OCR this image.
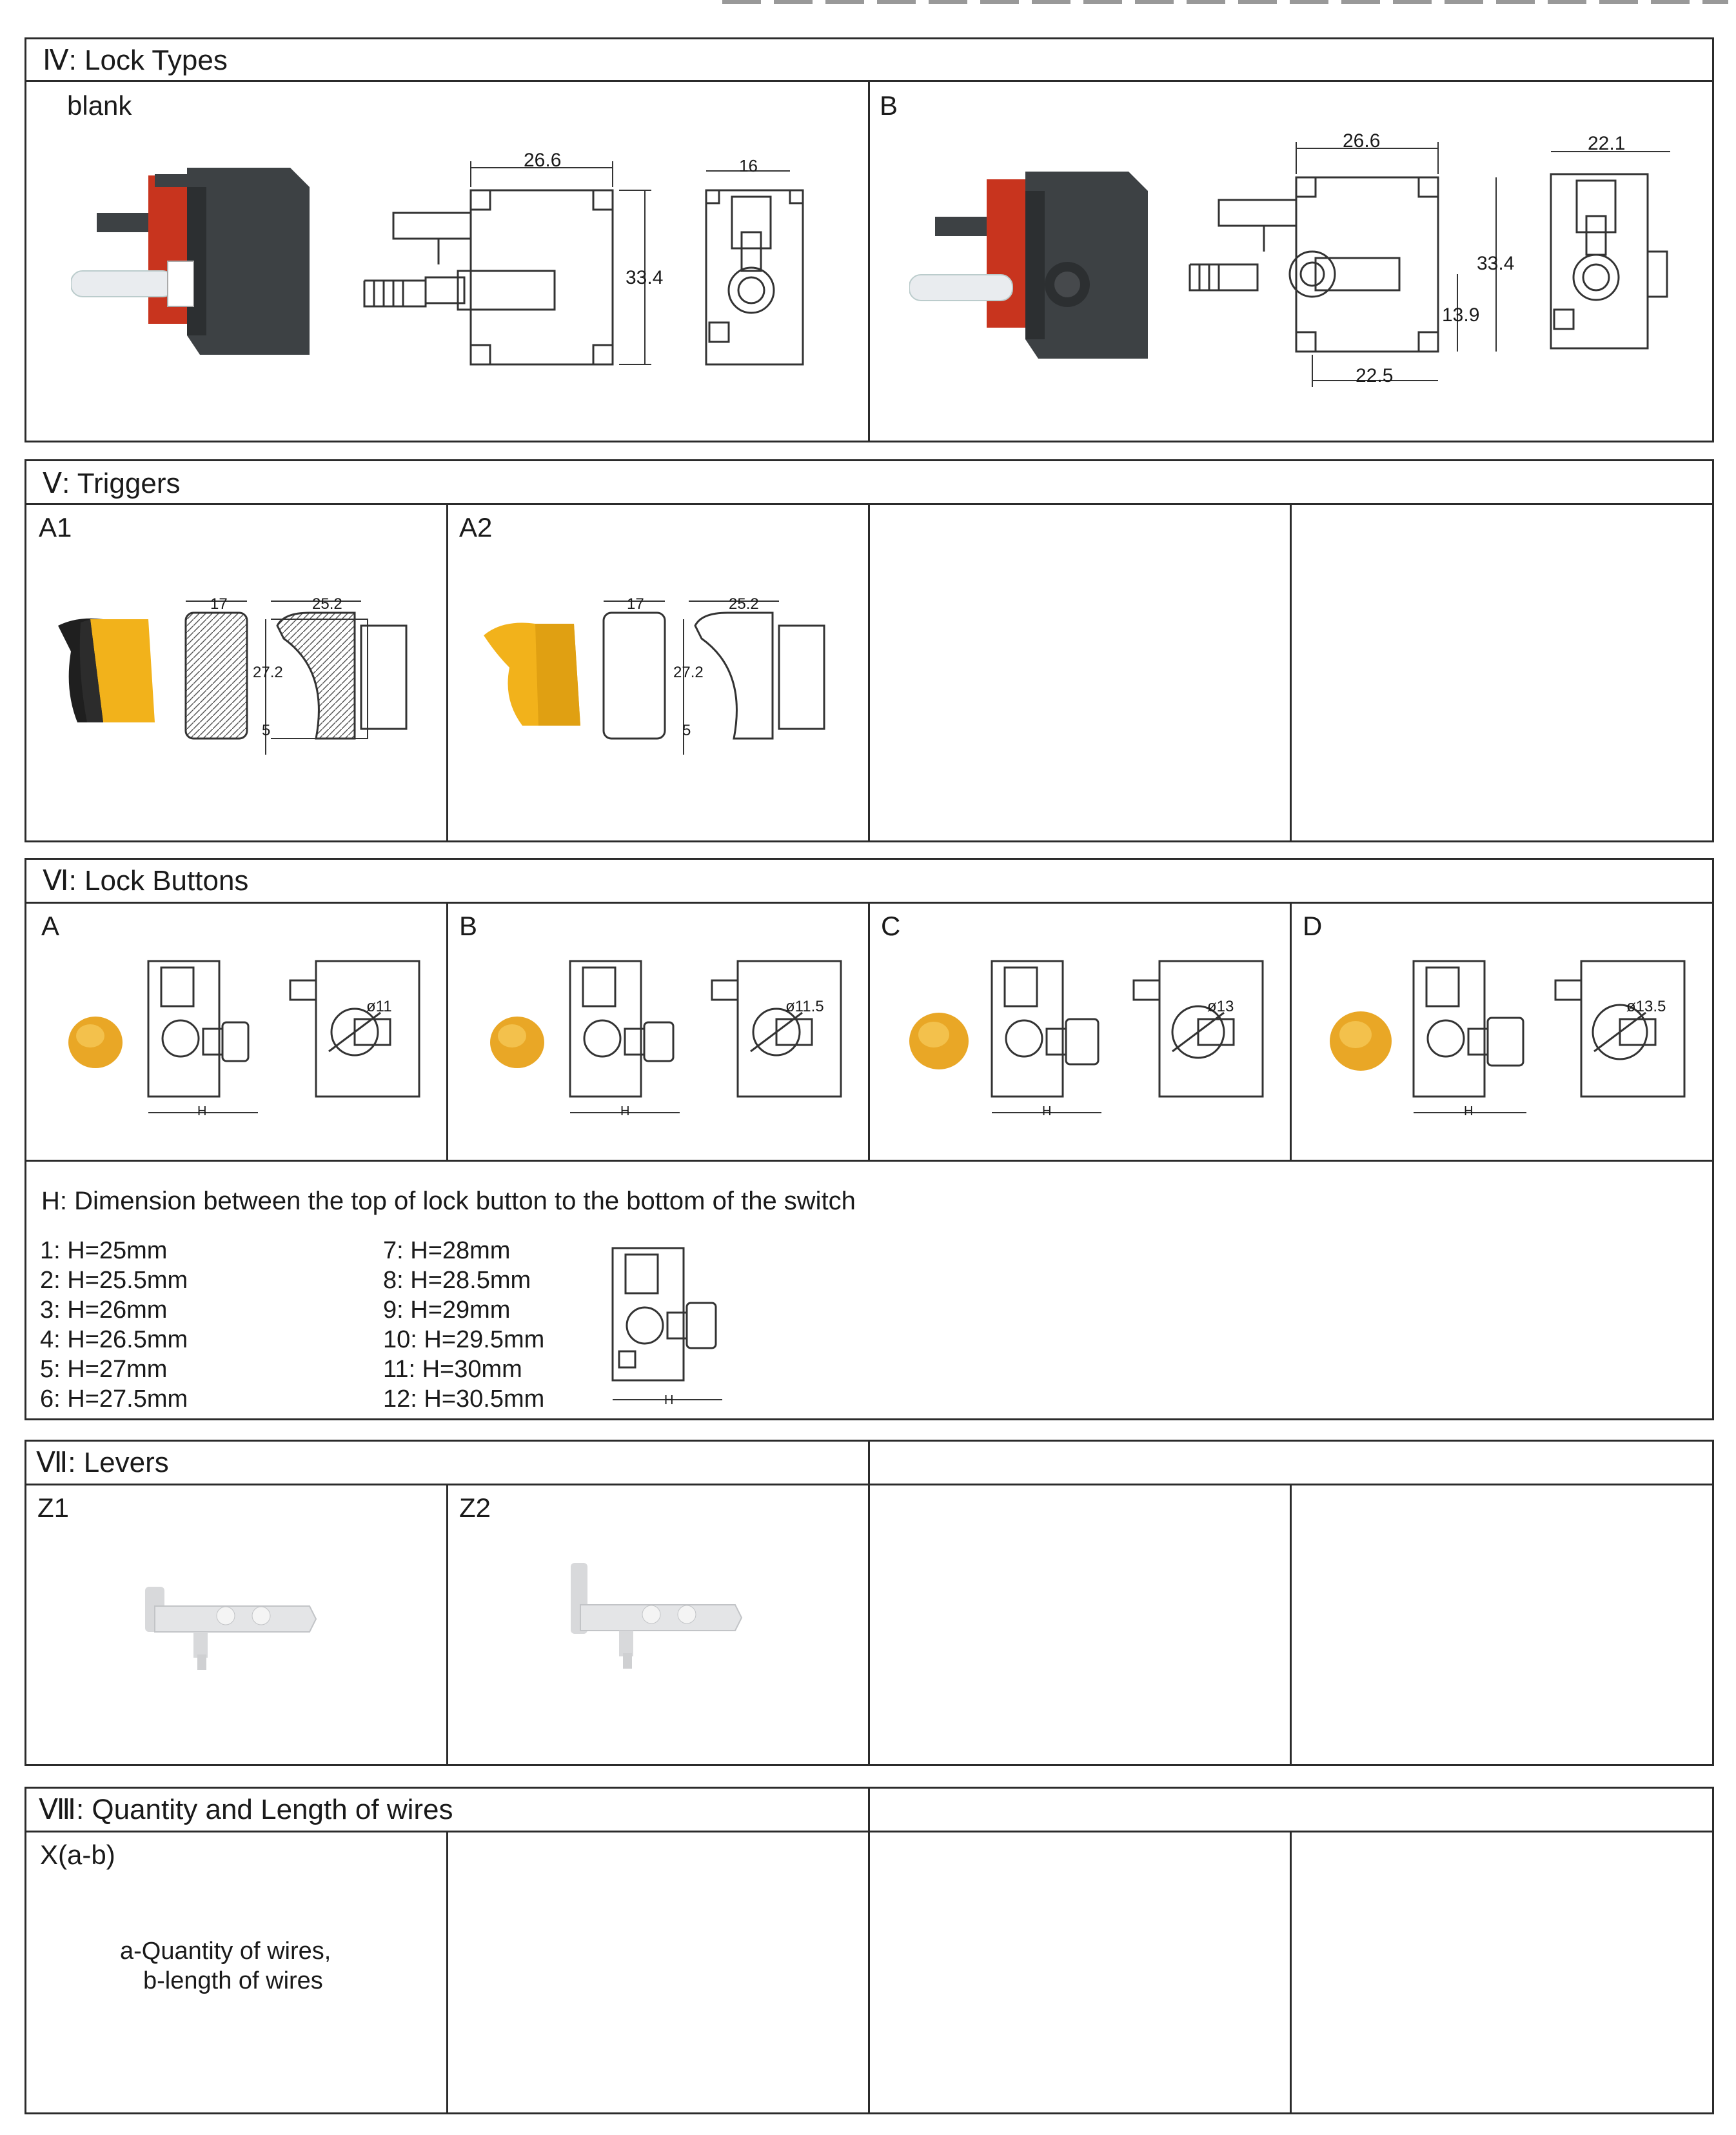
Ⅳ: Lock Types
blank	B
26.6
33.4
16
26.6
33.4
13.9
22.5
22.1
Ⅴ: Triggers
A1	A2
17	25.2
27.2
5
17	25.2
27.2
5
Ⅵ: Lock Buttons
A	B	C	D
ø11	ø11.5	ø13	ø13.5
H	H	H	H
H: Dimension between the top of lock button to the bottom of the switch
1: H=25mm
2: H=25.5mm
3: H=26mm
4: H=26.5mm
5: H=27mm
6: H=27.5mm
7: H=28mm
8: H=28.5mm
9: H=29mm
10: H=29.5mm
11: H=30mm
12: H=30.5mm	H
Ⅶ: Levers
Z1	Z2
Ⅷ: Quantity and Length of wires
X(a-b)
a-Quantity of wires,
b-length of wires
